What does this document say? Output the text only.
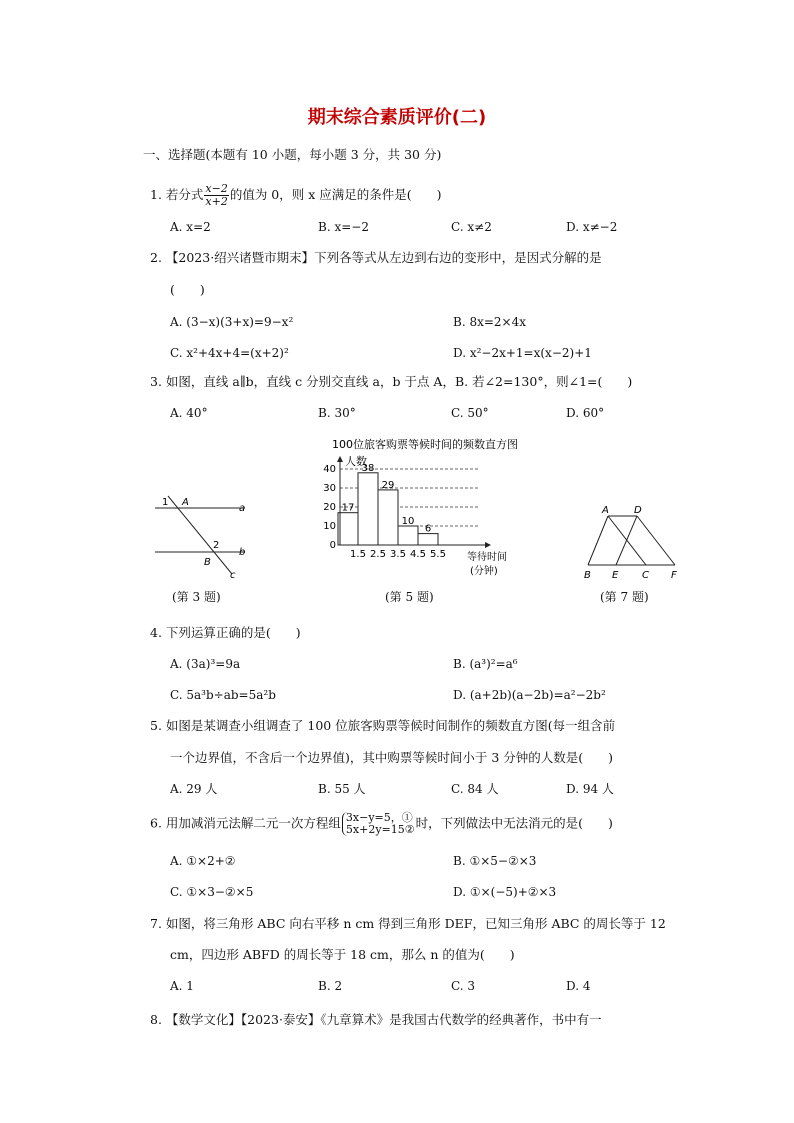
期末综合素质评价(二)
一、选择题(本题有 10 小题，每小题 3 分，共 30 分)
1. 若分式 $\frac{x-2}{x+2}$ 的值为 0，则 x 应满足的条件是(　　)
A. x=2	B. x=−2	C. x≠2	D. x≠−2
2. 【2023·绍兴诸暨市期末】下列各等式从左边到右边的变形中，是因式分解的是
(　　)
A. (3−x)(3+x)=9−x²	B. 8x=2×4x
C. x²+4x+4=(x+2)²	D. x²−2x+1=x(x−2)+1
3. 如图，直线 a∥b，直线 c 分别交直线 a，b 于点 A，B. 若∠2=130°，则∠1=(　　)
A. 40°	B. 30°	C. 50°	D. 60°
1 A
2
B
a
b
c
(第 3 题)
100位旅客购票等候时间的频数直方图
17
38
29
10
6
0
10
20
30
40
1.5 2.5 3.5 4.5 5.5
人数
等待时间
(分钟)
(第 5 题)
A	D
B E C F
(第 7 题)
4. 下列运算正确的是(　　)
A. (3a)³=9a	B. (a³)²=a⁶
C. 5a³b÷ab=5a²b	D. (a+2b)(a−2b)=a²−2b²
5. 如图是某调查小组调查了 100 位旅客购票等候时间制作的频数直方图(每一组含前
一个边界值，不含后一个边界值)，其中购票等候时间小于 3 分钟的人数是(　　)
A. 29 人	B. 55 人	C. 84 人	D. 94 人
6. 用加减消元法解二元一次方程组 3x−y=5，①
5x+2y=15② 时，下列做法中无法消元的是(　　)
A. ①×2+②	B. ①×5−②×3
C. ①×3−②×5	D. ①×(−5)+②×3
7. 如图，将三角形 ABC 向右平移 n cm 得到三角形 DEF，已知三角形 ABC 的周长等于 12
cm，四边形 ABFD 的周长等于 18 cm，那么 n 的值为(　　)
A. 1	B. 2	C. 3	D. 4
8. 【数学文化】【2023·泰安】《九章算术》是我国古代数学的经典著作，书中有一
